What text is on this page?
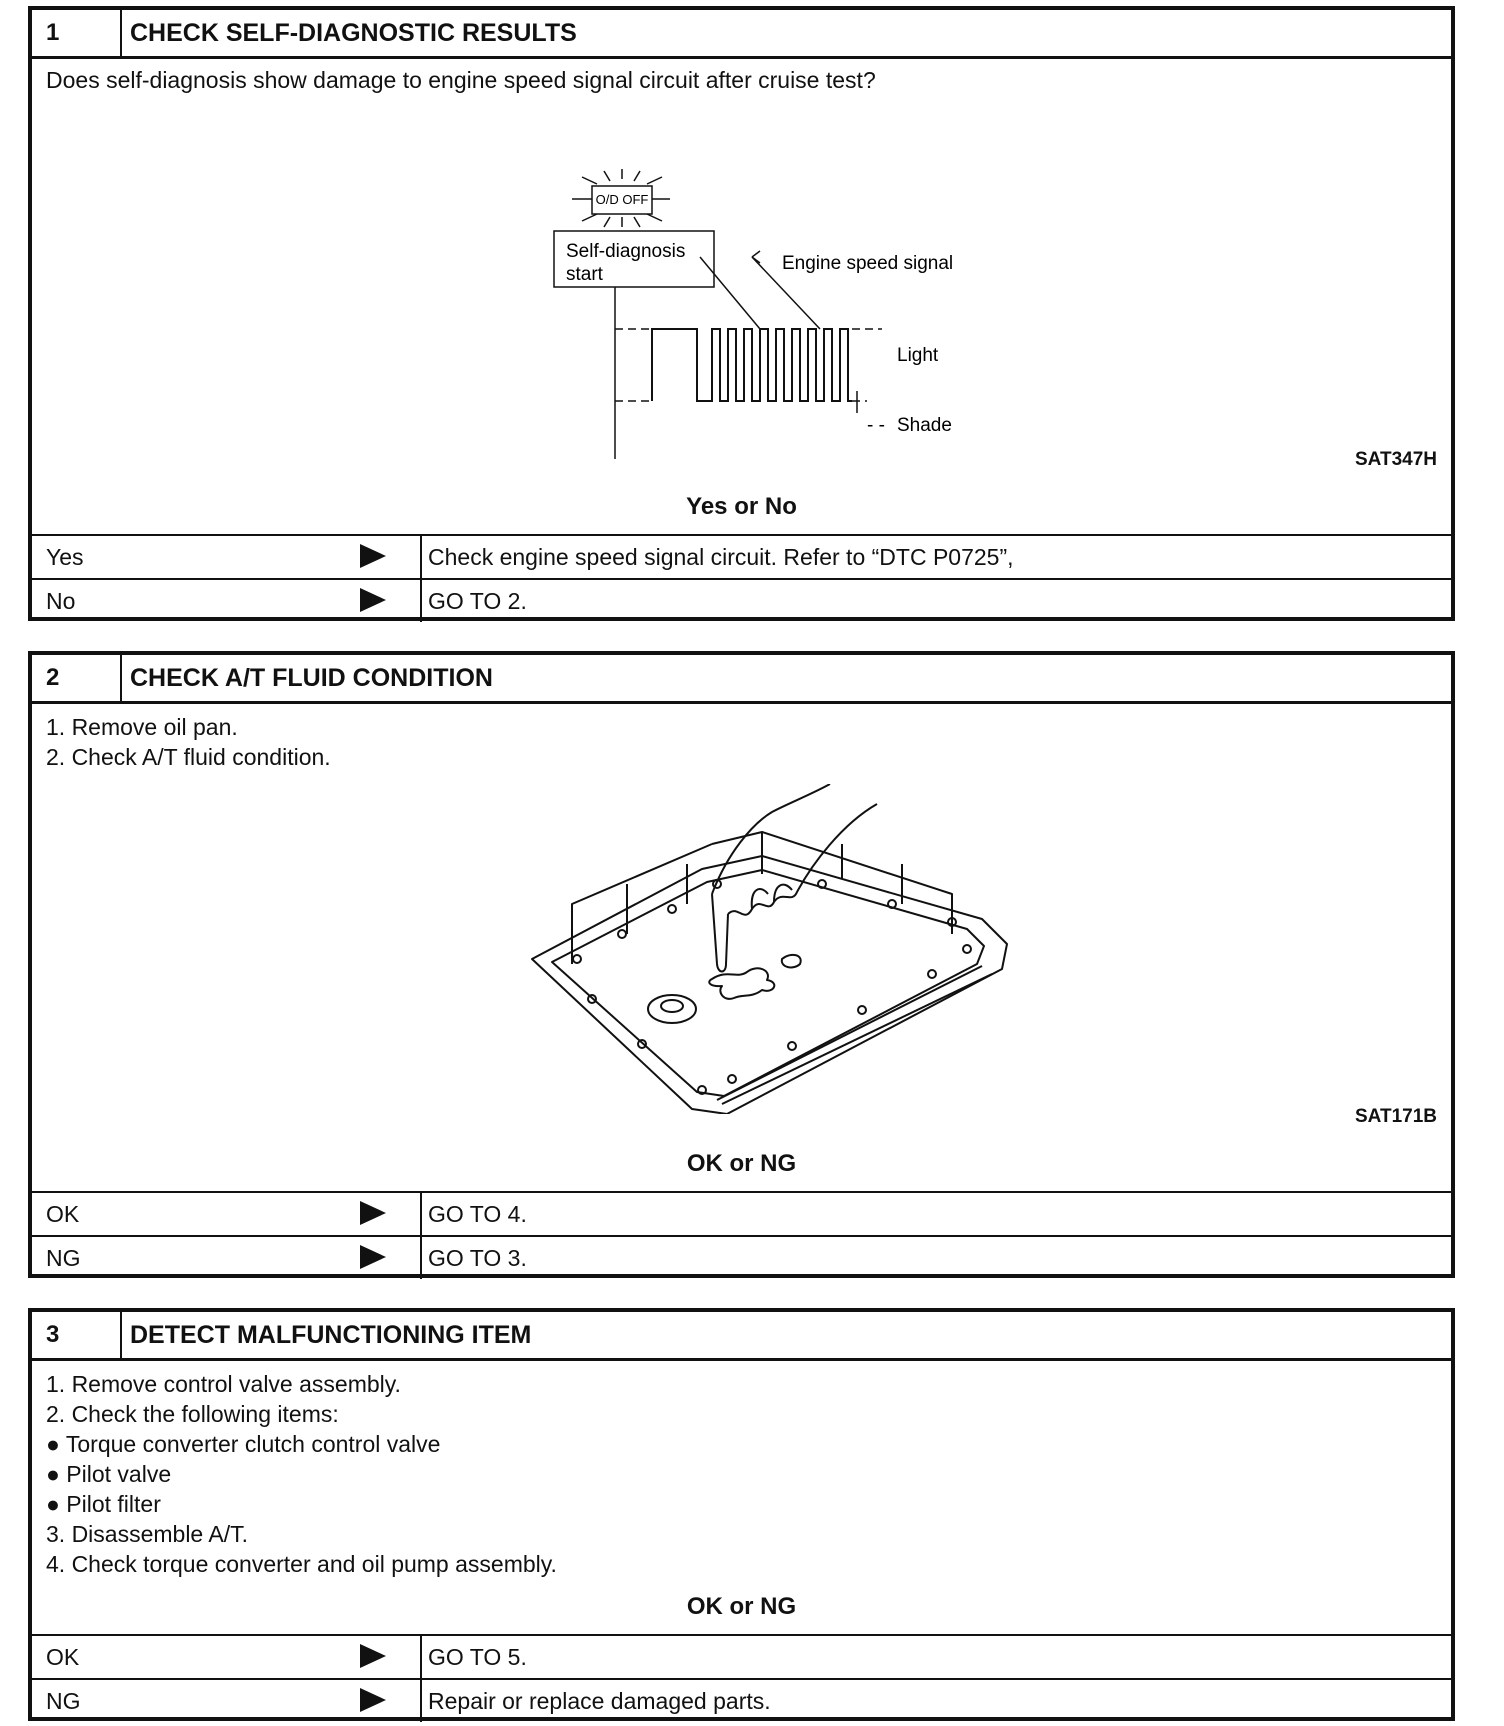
1	CHECK SELF-DIAGNOSTIC RESULTS
Does self-diagnosis show damage to engine speed signal circuit after cruise test?
O/D OFF
Self-diagnosis
start
Engine speed signal
Light
- - Shade
SAT347H
Yes or No
Yes	Check engine speed signal circuit. Refer to “DTC P0725”,
No	GO TO 2.
2	CHECK A/T FLUID CONDITION
1. Remove oil pan.
2. Check A/T fluid condition.
SAT171B
OK or NG
OK	GO TO 4.
NG	GO TO 3.
3	DETECT MALFUNCTIONING ITEM
1. Remove control valve assembly.
2. Check the following items:
● Torque converter clutch control valve
● Pilot valve
● Pilot filter
3. Disassemble A/T.
4. Check torque converter and oil pump assembly.
OK or NG
OK	GO TO 5.
NG	Repair or replace damaged parts.
